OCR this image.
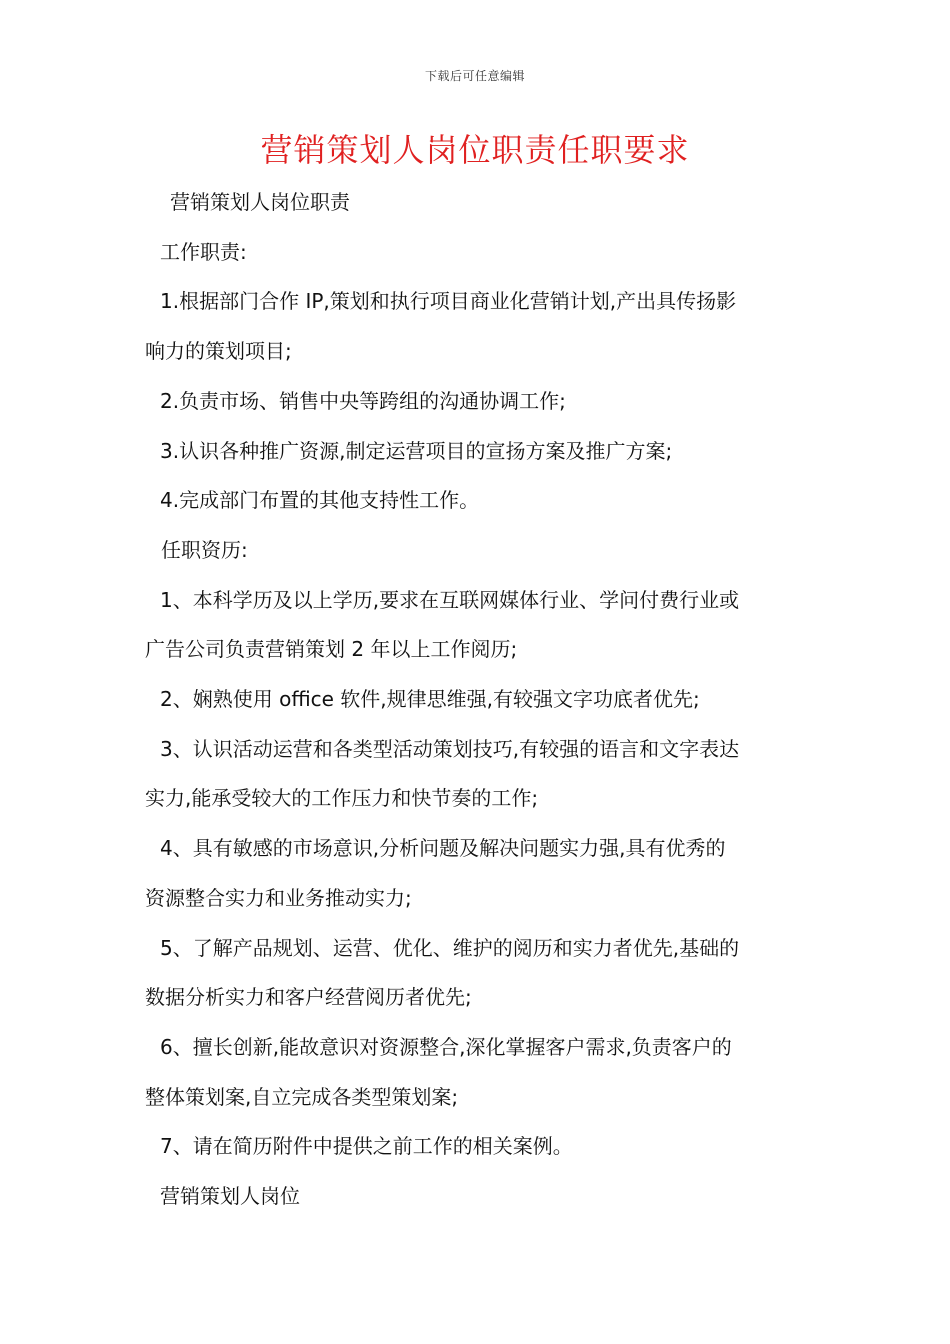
下载后可任意编辑
营销策划人岗位职责任职要求

营销策划人岗位职责

工作职责:

1.根据部门合作 IP,策划和执行项目商业化营销计划,产出具传扬影

响力的策划项目;

2.负责市场、销售中央等跨组的沟通协调工作;

3.认识各种推广资源,制定运营项目的宣扬方案及推广方案;

4.完成部门布置的其他支持性工作。

任职资历:

1、本科学历及以上学历,要求在互联网媒体行业、学问付费行业或

广告公司负责营销策划 2 年以上工作阅历;

2、娴熟使用 office 软件,规律思维强,有较强文字功底者优先;

3、认识活动运营和各类型活动策划技巧,有较强的语言和文字表达

实力,能承受较大的工作压力和快节奏的工作;

4、具有敏感的市场意识,分析问题及解决问题实力强,具有优秀的

资源整合实力和业务推动实力;

5、了解产品规划、运营、优化、维护的阅历和实力者优先,基础的

数据分析实力和客户经营阅历者优先;

6、擅长创新,能故意识对资源整合,深化掌握客户需求,负责客户的

整体策划案,自立完成各类型策划案;

7、请在简历附件中提供之前工作的相关案例。

营销策划人岗位
